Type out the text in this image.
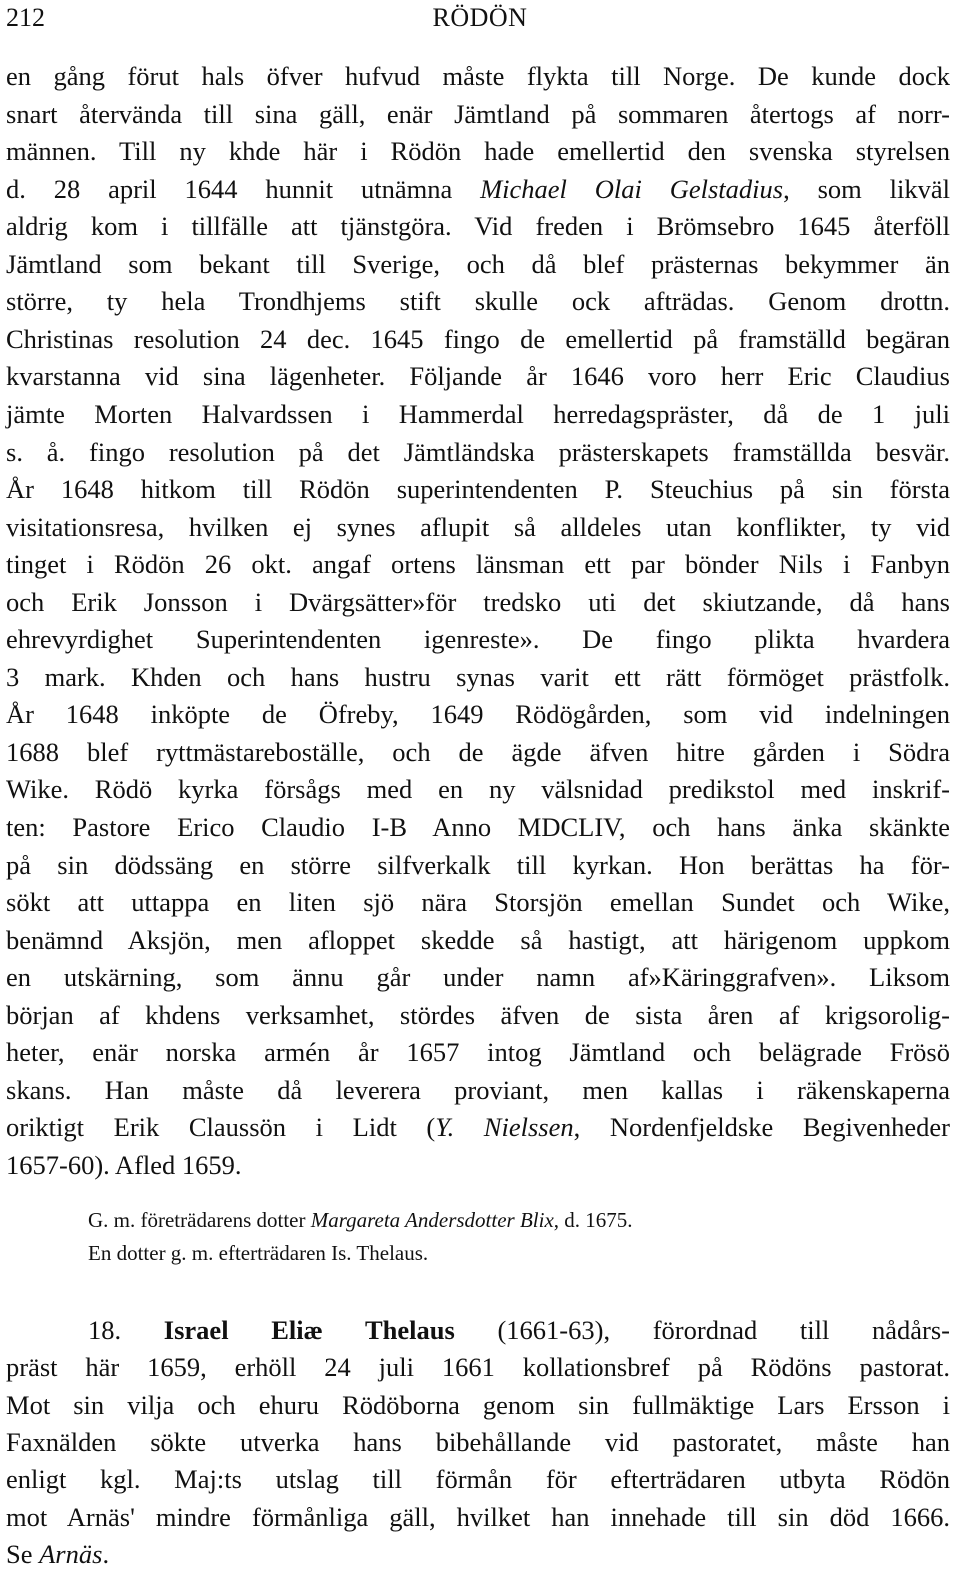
212	RÖDÖN
en gång förut hals öfver hufvud måste flykta till Norge. De kunde dock
snart återvända till sina gäll, enär Jämtland på sommaren återtogs af norr-
männen. Till ny khde här i Rödön hade emellertid den svenska styrelsen
d. 28 april 1644 hunnit utnämna Michael Olai Gelstadius, som likväl
aldrig kom i tillfälle att tjänstgöra. Vid freden i Brömsebro 1645 återföll
Jämtland som bekant till Sverige, och då blef prästernas bekymmer än
större, ty hela Trondhjems stift skulle ock afträdas. Genom drottn.
Christinas resolution 24 dec. 1645 fingo de emellertid på framställd begäran
kvarstanna vid sina lägenheter. Följande år 1646 voro herr Eric Claudius
jämte Morten Halvardssen i Hammerdal herredagspräster, då de 1 juli
s. å. fingo resolution på det Jämtländska prästerskapets framställda besvär.
År 1648 hitkom till Rödön superintendenten P. Steuchius på sin första
visitationsresa, hvilken ej synes aflupit så alldeles utan konflikter, ty vid
tinget i Rödön 26 okt. angaf ortens länsman ett par bönder Nils i Fanbyn
och Erik Jonsson i Dvärgsätter»för tredsko uti det skiutzande, då hans
ehrevyrdighet Superintendenten igenreste». De fingo plikta hvardera
3 mark. Khden och hans hustru synas varit ett rätt förmöget prästfolk.
År 1648 inköpte de Öfreby, 1649 Rödögården, som vid indelningen
1688 blef ryttmästareboställe, och de ägde äfven hitre gården i Södra
Wike. Rödö kyrka försågs med en ny välsnidad predikstol med inskrif-
ten: Pastore Erico Claudio I-B Anno MDCLIV, och hans änka skänkte
på sin dödssäng en större silfverkalk till kyrkan. Hon berättas ha för-
sökt att uttappa en liten sjö nära Storsjön emellan Sundet och Wike,
benämnd Aksjön, men afloppet skedde så hastigt, att härigenom uppkom
en utskärning, som ännu går under namn af»Käringgrafven». Liksom
början af khdens verksamhet, stördes äfven de sista åren af krigsorolig-
heter, enär norska armén år 1657 intog Jämtland och belägrade Frösö
skans. Han måste då leverera proviant, men kallas i räkenskaperna
oriktigt Erik Claussön i Lidt (Y. Nielssen, Nordenfjeldske Begivenheder
1657-60). Afled 1659.
G. m. företrädarens dotter Margareta Andersdotter Blix, d. 1675.
En dotter g. m. efterträdaren Is. Thelaus.
18. Israel Eliæ Thelaus (1661-63), förordnad till nådårs-
präst här 1659, erhöll 24 juli 1661 kollationsbref på Rödöns pastorat.
Mot sin vilja och ehuru Rödöborna genom sin fullmäktige Lars Ersson i
Faxnälden sökte utverka hans bibehållande vid pastoratet, måste han
enligt kgl. Maj:ts utslag till förmån för efterträdaren utbyta Rödön
mot Arnäs' mindre förmånliga gäll, hvilket han innehade till sin död 1666.
Se Arnäs.
